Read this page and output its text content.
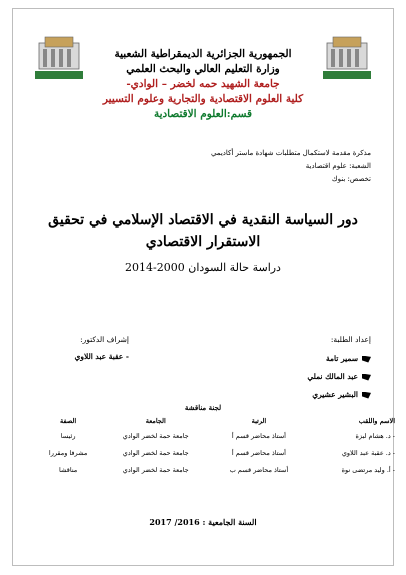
الجمهورية الجزائرية الديمقراطية الشعبية
وزارة التعليم العالي والبحث العلمي
جامعة الشهيد حمه لخضر – الوادي-
كلية العلوم الاقتصادية والتجارية وعلوم التسيير
قسم:العلوم الاقتصادية
مذكرة مقدمة لاستكمال متطلبات شهادة ماستر أكاديمي
الشعبة: علوم اقتصادية
تخصص: بنوك
دور السياسة النقدية في الاقتصاد الإسلامي في تحقيق الاستقرار الاقتصادي
دراسة حالة السودان 2000-2014
إعداد الطلبة:
سمير تامة
عبد المالك نملي
البشير عشيري
إشراف الدكتور:
- عقبة عبد اللاوي
لجنة مناقشة
الاسم واللقب	الرتبة	الجامعة	الصفة
- د. هشام لبزة	أستاذ محاضر قسم أ	جامعة حمة لخضر الوادي	رئيسا
- د. عقبة عبد اللاوي	أستاذ محاضر قسم أ	جامعة حمة لخضر الوادي	مشرفا ومقررا
- أ. وليد مرتضى نوة	أستاذ محاضر قسم ب	جامعة حمة لخضر الوادي	مناقشا
السنة الجامعية : 2016/ 2017
